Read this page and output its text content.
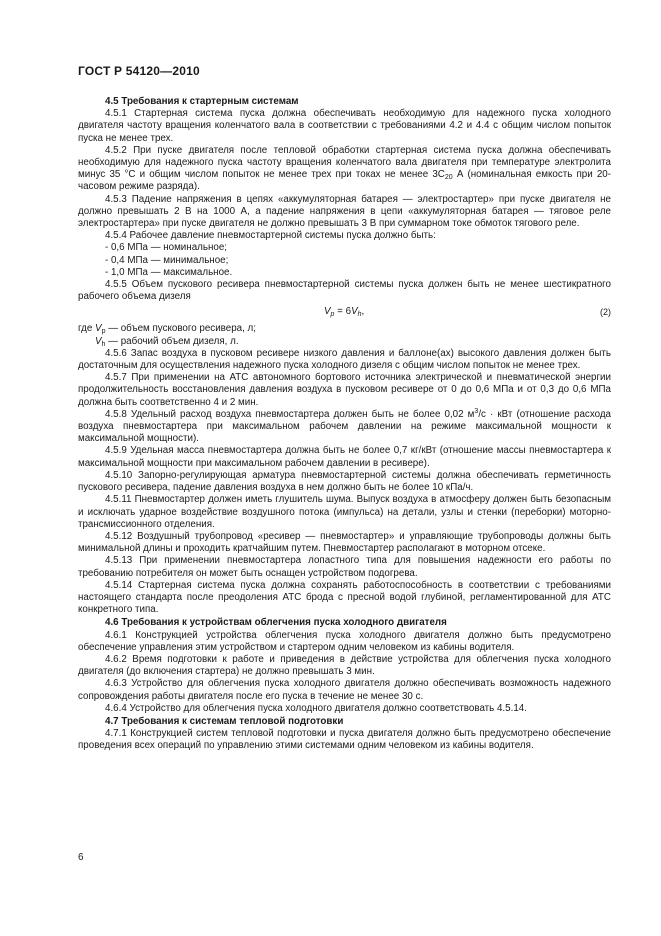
ГОСТ Р 54120—2010

4.5 Требования к стартерным системам

4.5.1 Стартерная система пуска должна обеспечивать необходимую для надежного пуска холодного двигателя частоту вращения коленчатого вала в соответствии с требованиями 4.2 и 4.4 с общим числом попыток пуска не менее трех.

4.5.2 При пуске двигателя после тепловой обработки стартерная система пуска должна обеспечивать необходимую для надежного пуска частоту вращения коленчатого вала двигателя при температуре электролита минус 35 °С и общим числом попыток не менее трех при токах не менее $3С_{20}$ А (номинальная емкость при 20-часовом режиме разряда).

4.5.3 Падение напряжения в цепях «аккумуляторная батарея — электростартер» при пуске двигателя не должно превышать 2 В на 1000 А, а падение напряжения в цепи «аккумуляторная батарея — тяговое реле электростартера» при пуске двигателя не должно превышать 3 В при суммарном токе обмоток тягового реле.

4.5.4 Рабочее давление пневмостартерной системы пуска должно быть:

- 0,6 МПа — номинальное;

- 0,4 МПа — минимальное;

- 1,0 МПа — максимальное.

4.5.5 Объем пускового ресивера пневмостартерной системы пуска должен быть не менее шестикратного рабочего объема дизеля

$V_p = 6V_h$,	(2)

где $V_p$ — объем пускового ресивера, л;

$V_h$ — рабочий объем дизеля, л.

4.5.6 Запас воздуха в пусковом ресивере низкого давления и баллоне(ах) высокого давления должен быть достаточным для осуществления надежного пуска холодного дизеля с общим числом попыток не менее трех.

4.5.7 При применении на АТС автономного бортового источника электрической и пневматической энергии продолжительность восстановления давления воздуха в пусковом ресивере от 0 до 0,6 МПа и от 0,3 до 0,6 МПа должна быть соответственно 4 и 2 мин.

4.5.8 Удельный расход воздуха пневмостартера должен быть не более 0,02 $м^3/с$ · кВт (отношение расхода воздуха пневмостартера при максимальном рабочем давлении на режиме максимальной мощности к максимальной мощности).

4.5.9 Удельная масса пневмостартера должна быть не более 0,7 кг/кВт (отношение массы пневмостартера к максимальной мощности при максимальном рабочем давлении в ресивере).

4.5.10 Запорно-регулирующая арматура пневмостартерной системы должна обеспечивать герметичность пускового ресивера, падение давления воздуха в нем должно быть не более 10 кПа/ч.

4.5.11 Пневмостартер должен иметь глушитель шума. Выпуск воздуха в атмосферу должен быть безопасным и исключать ударное воздействие воздушного потока (импульса) на детали, узлы и стенки (переборки) моторно-трансмиссионного отделения.

4.5.12 Воздушный трубопровод «ресивер — пневмостартер» и управляющие трубопроводы должны быть минимальной длины и проходить кратчайшим путем. Пневмостартер располагают в моторном отсеке.

4.5.13 При применении пневмостартера лопастного типа для повышения надежности его работы по требованию потребителя он может быть оснащен устройством подогрева.

4.5.14 Стартерная система пуска должна сохранять работоспособность в соответствии с требованиями настоящего стандарта после преодоления АТС брода с пресной водой глубиной, регламентированной для АТС конкретного типа.

4.6 Требования к устройствам облегчения пуска холодного двигателя

4.6.1 Конструкцией устройства облегчения пуска холодного двигателя должно быть предусмотрено обеспечение управления этим устройством и стартером одним человеком из кабины водителя.

4.6.2 Время подготовки к работе и приведения в действие устройства для облегчения пуска холодного двигателя (до включения стартера) не должно превышать 3 мин.

4.6.3 Устройство для облегчения пуска холодного двигателя должно обеспечивать возможность надежного сопровождения работы двигателя после его пуска в течение не менее 30 с.

4.6.4 Устройство для облегчения пуска холодного двигателя должно соответствовать 4.5.14.

4.7 Требования к системам тепловой подготовки

4.7.1 Конструкцией систем тепловой подготовки и пуска двигателя должно быть предусмотрено обеспечение проведения всех операций по управлению этими системами одним человеком из кабины водителя.

6
